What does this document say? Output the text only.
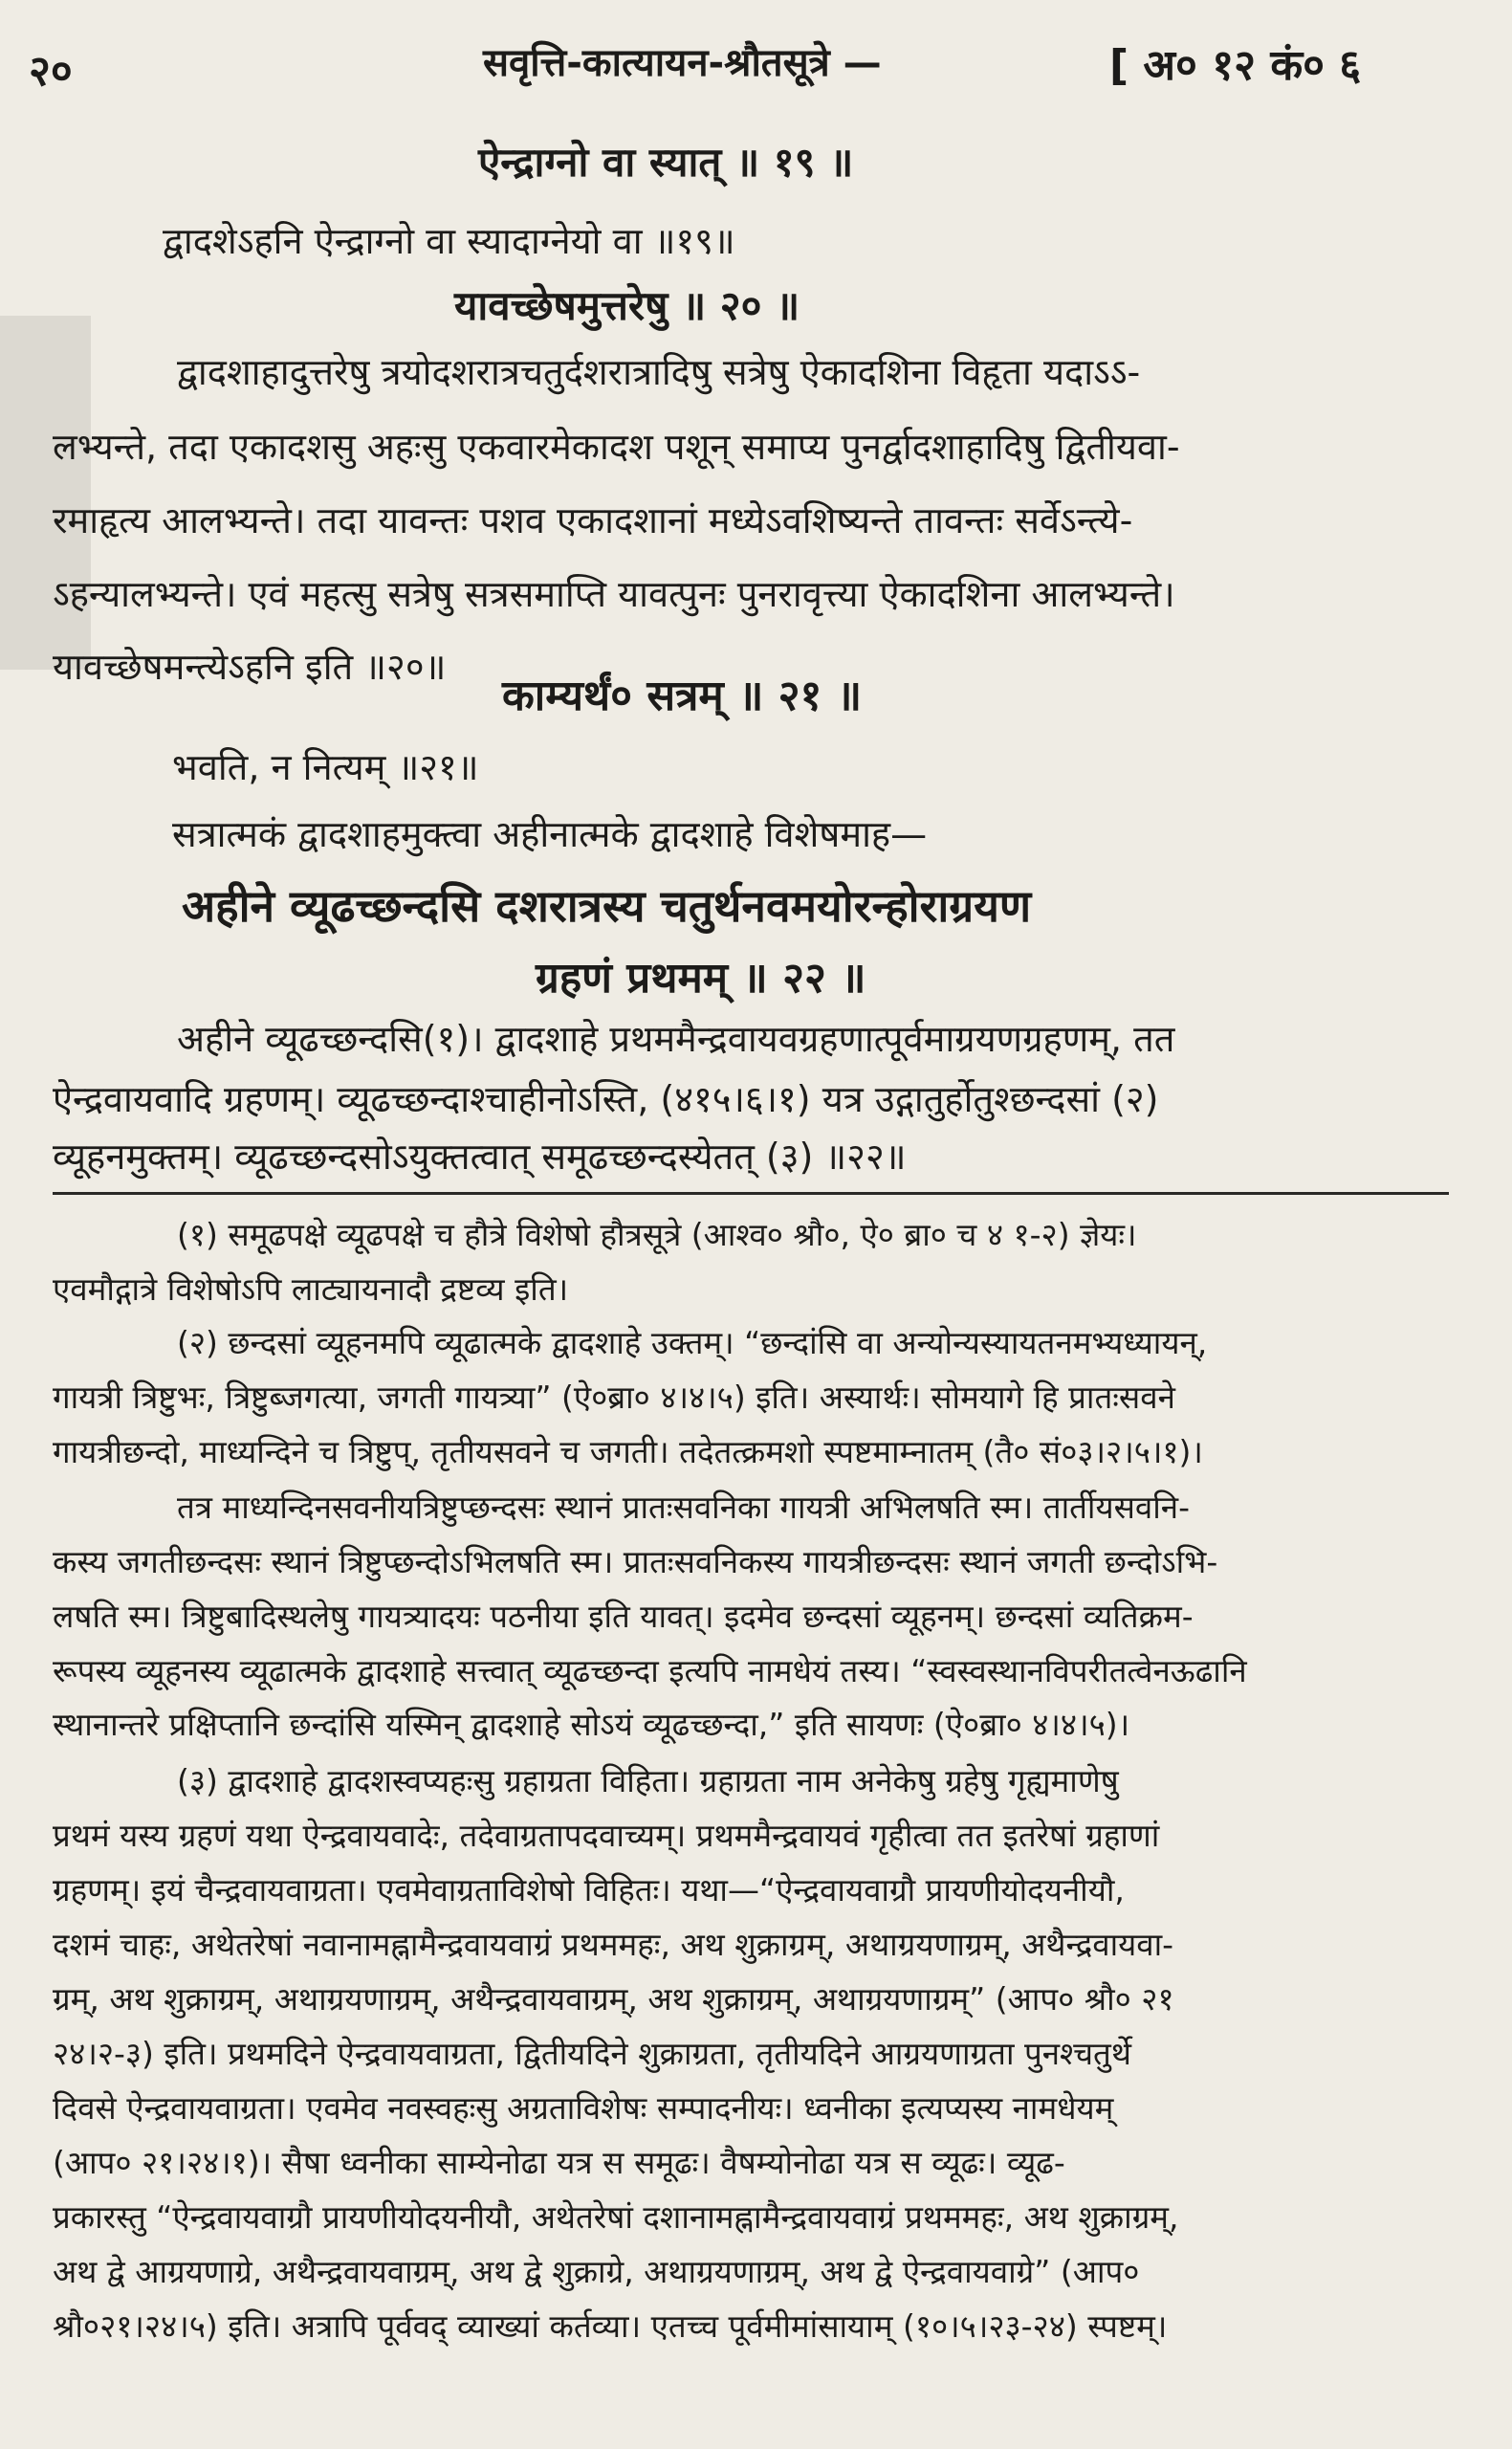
२०	सवृत्ति-कात्यायन-श्रौतसूत्रे —	[ अ० १२ कं० ६
ऐन्द्राग्नो वा स्यात् ॥ १९ ॥
द्वादशेऽहनि ऐन्द्राग्नो वा स्यादाग्नेयो वा ॥१९॥
यावच्छेषमुत्तरेषु ॥ २० ॥
द्वादशाहादुत्तरेषु त्रयोदशरात्रचतुर्दशरात्रादिषु सत्रेषु ऐकादशिना विहृता यदाऽऽ-
लभ्यन्ते, तदा एकादशसु अहःसु एकवारमेकादश पशून् समाप्य पुनर्द्वादशाहादिषु द्वितीयवा-
रमाहृत्य आलभ्यन्ते। तदा यावन्तः पशव एकादशानां मध्येऽवशिष्यन्ते तावन्तः सर्वेऽन्त्ये-
ऽहन्यालभ्यन्ते। एवं महत्सु सत्रेषु सत्रसमाप्ति यावत्पुनः पुनरावृत्त्या ऐकादशिना आलभ्यन्ते।
यावच्छेषमन्त्येऽहनि इति ॥२०॥
काम्यर्थं० सत्रम् ॥ २१ ॥
भवति, न नित्यम् ॥२१॥
सत्रात्मकं द्वादशाहमुक्त्वा अहीनात्मके द्वादशाहे विशेषमाह—
अहीने व्यूढच्छन्दसि दशरात्रस्य चतुर्थनवमयोरन्होराग्रयण
ग्रहणं प्रथमम् ॥ २२ ॥
अहीने व्यूढच्छन्दसि(१)। द्वादशाहे प्रथममैन्द्रवायवग्रहणात्पूर्वमाग्रयणग्रहणम्, तत
ऐन्द्रवायवादि ग्रहणम्। व्यूढच्छन्दाश्चाहीनोऽस्ति, (४१५।६।१) यत्र उद्गातुर्होतुश्छन्दसां (२)
व्यूहनमुक्तम्। व्यूढच्छन्दसोऽयुक्तत्वात् समूढच्छन्दस्येतत् (३) ॥२२॥
(१) समूढपक्षे व्यूढपक्षे च हौत्रे विशेषो हौत्रसूत्रे (आश्व० श्रौ०, ऐ० ब्रा० च ४ १-२) ज्ञेयः।
एवमौद्गात्रे विशेषोऽपि लाट्यायनादौ द्रष्टव्य इति।
(२) छन्दसां व्यूहनमपि व्यूढात्मके द्वादशाहे उक्तम्। “छन्दांसि वा अन्योन्यस्यायतनमभ्यध्यायन्,
गायत्री त्रिष्टुभः, त्रिष्टुब्जगत्या, जगती गायत्र्या” (ऐ०ब्रा० ४।४।५) इति। अस्यार्थः। सोमयागे हि प्रातःसवने
गायत्रीछन्दो, माध्यन्दिने च त्रिष्टुप्, तृतीयसवने च जगती। तदेतत्क्रमशो स्पष्टमाम्नातम् (तै० सं०३।२।५।१)।
तत्र माध्यन्दिनसवनीयत्रिष्टुप्छन्दसः स्थानं प्रातःसवनिका गायत्री अभिलषति स्म। तार्तीयसवनि-
कस्य जगतीछन्दसः स्थानं त्रिष्टुप्छन्दोऽभिलषति स्म। प्रातःसवनिकस्य गायत्रीछन्दसः स्थानं जगती छन्दोऽभि-
लषति स्म। त्रिष्टुबादिस्थलेषु गायत्र्यादयः पठनीया इति यावत्। इदमेव छन्दसां व्यूहनम्। छन्दसां व्यतिक्रम-
रूपस्य व्यूहनस्य व्यूढात्मके द्वादशाहे सत्त्वात् व्यूढच्छन्दा इत्यपि नामधेयं तस्य। “स्वस्वस्थानविपरीतत्वेनऊढानि
स्थानान्तरे प्रक्षिप्तानि छन्दांसि यस्मिन् द्वादशाहे सोऽयं व्यूढच्छन्दा,” इति सायणः (ऐ०ब्रा० ४।४।५)।
(३) द्वादशाहे द्वादशस्वप्यहःसु ग्रहाग्रता विहिता। ग्रहाग्रता नाम अनेकेषु ग्रहेषु गृह्यमाणेषु
प्रथमं यस्य ग्रहणं यथा ऐन्द्रवायवादेः, तदेवाग्रतापदवाच्यम्। प्रथममैन्द्रवायवं गृहीत्वा तत इतरेषां ग्रहाणां
ग्रहणम्। इयं चैन्द्रवायवाग्रता। एवमेवाग्रताविशेषो विहितः। यथा—“ऐन्द्रवायवाग्रौ प्रायणीयोदयनीयौ,
दशमं चाहः, अथेतरेषां नवानामह्नामैन्द्रवायवाग्रं प्रथममहः, अथ शुक्राग्रम्, अथाग्रयणाग्रम्, अथैन्द्रवायवा-
ग्रम्, अथ शुक्राग्रम्, अथाग्रयणाग्रम्, अथैन्द्रवायवाग्रम्, अथ शुक्राग्रम्, अथाग्रयणाग्रम्” (आप० श्रौ० २१
२४।२-३) इति। प्रथमदिने ऐन्द्रवायवाग्रता, द्वितीयदिने शुक्राग्रता, तृतीयदिने आग्रयणाग्रता पुनश्चतुर्थे
दिवसे ऐन्द्रवायवाग्रता। एवमेव नवस्वहःसु अग्रताविशेषः सम्पादनीयः। ध्वनीका इत्यप्यस्य नामधेयम्
(आप० २१।२४।१)। सैषा ध्वनीका साम्येनोढा यत्र स समूढः। वैषम्योनोढा यत्र स व्यूढः। व्यूढ-
प्रकारस्तु “ऐन्द्रवायवाग्रौ प्रायणीयोदयनीयौ, अथेतरेषां दशानामह्नामैन्द्रवायवाग्रं प्रथममहः, अथ शुक्राग्रम्,
अथ द्वे आग्रयणाग्रे, अथैन्द्रवायवाग्रम्, अथ द्वे शुक्राग्रे, अथाग्रयणाग्रम्, अथ द्वे ऐन्द्रवायवाग्रे” (आप०
श्रौ०२१।२४।५) इति। अत्रापि पूर्ववद् व्याख्यां कर्तव्या। एतच्च पूर्वमीमांसायाम् (१०।५।२३-२४) स्पष्टम्।
